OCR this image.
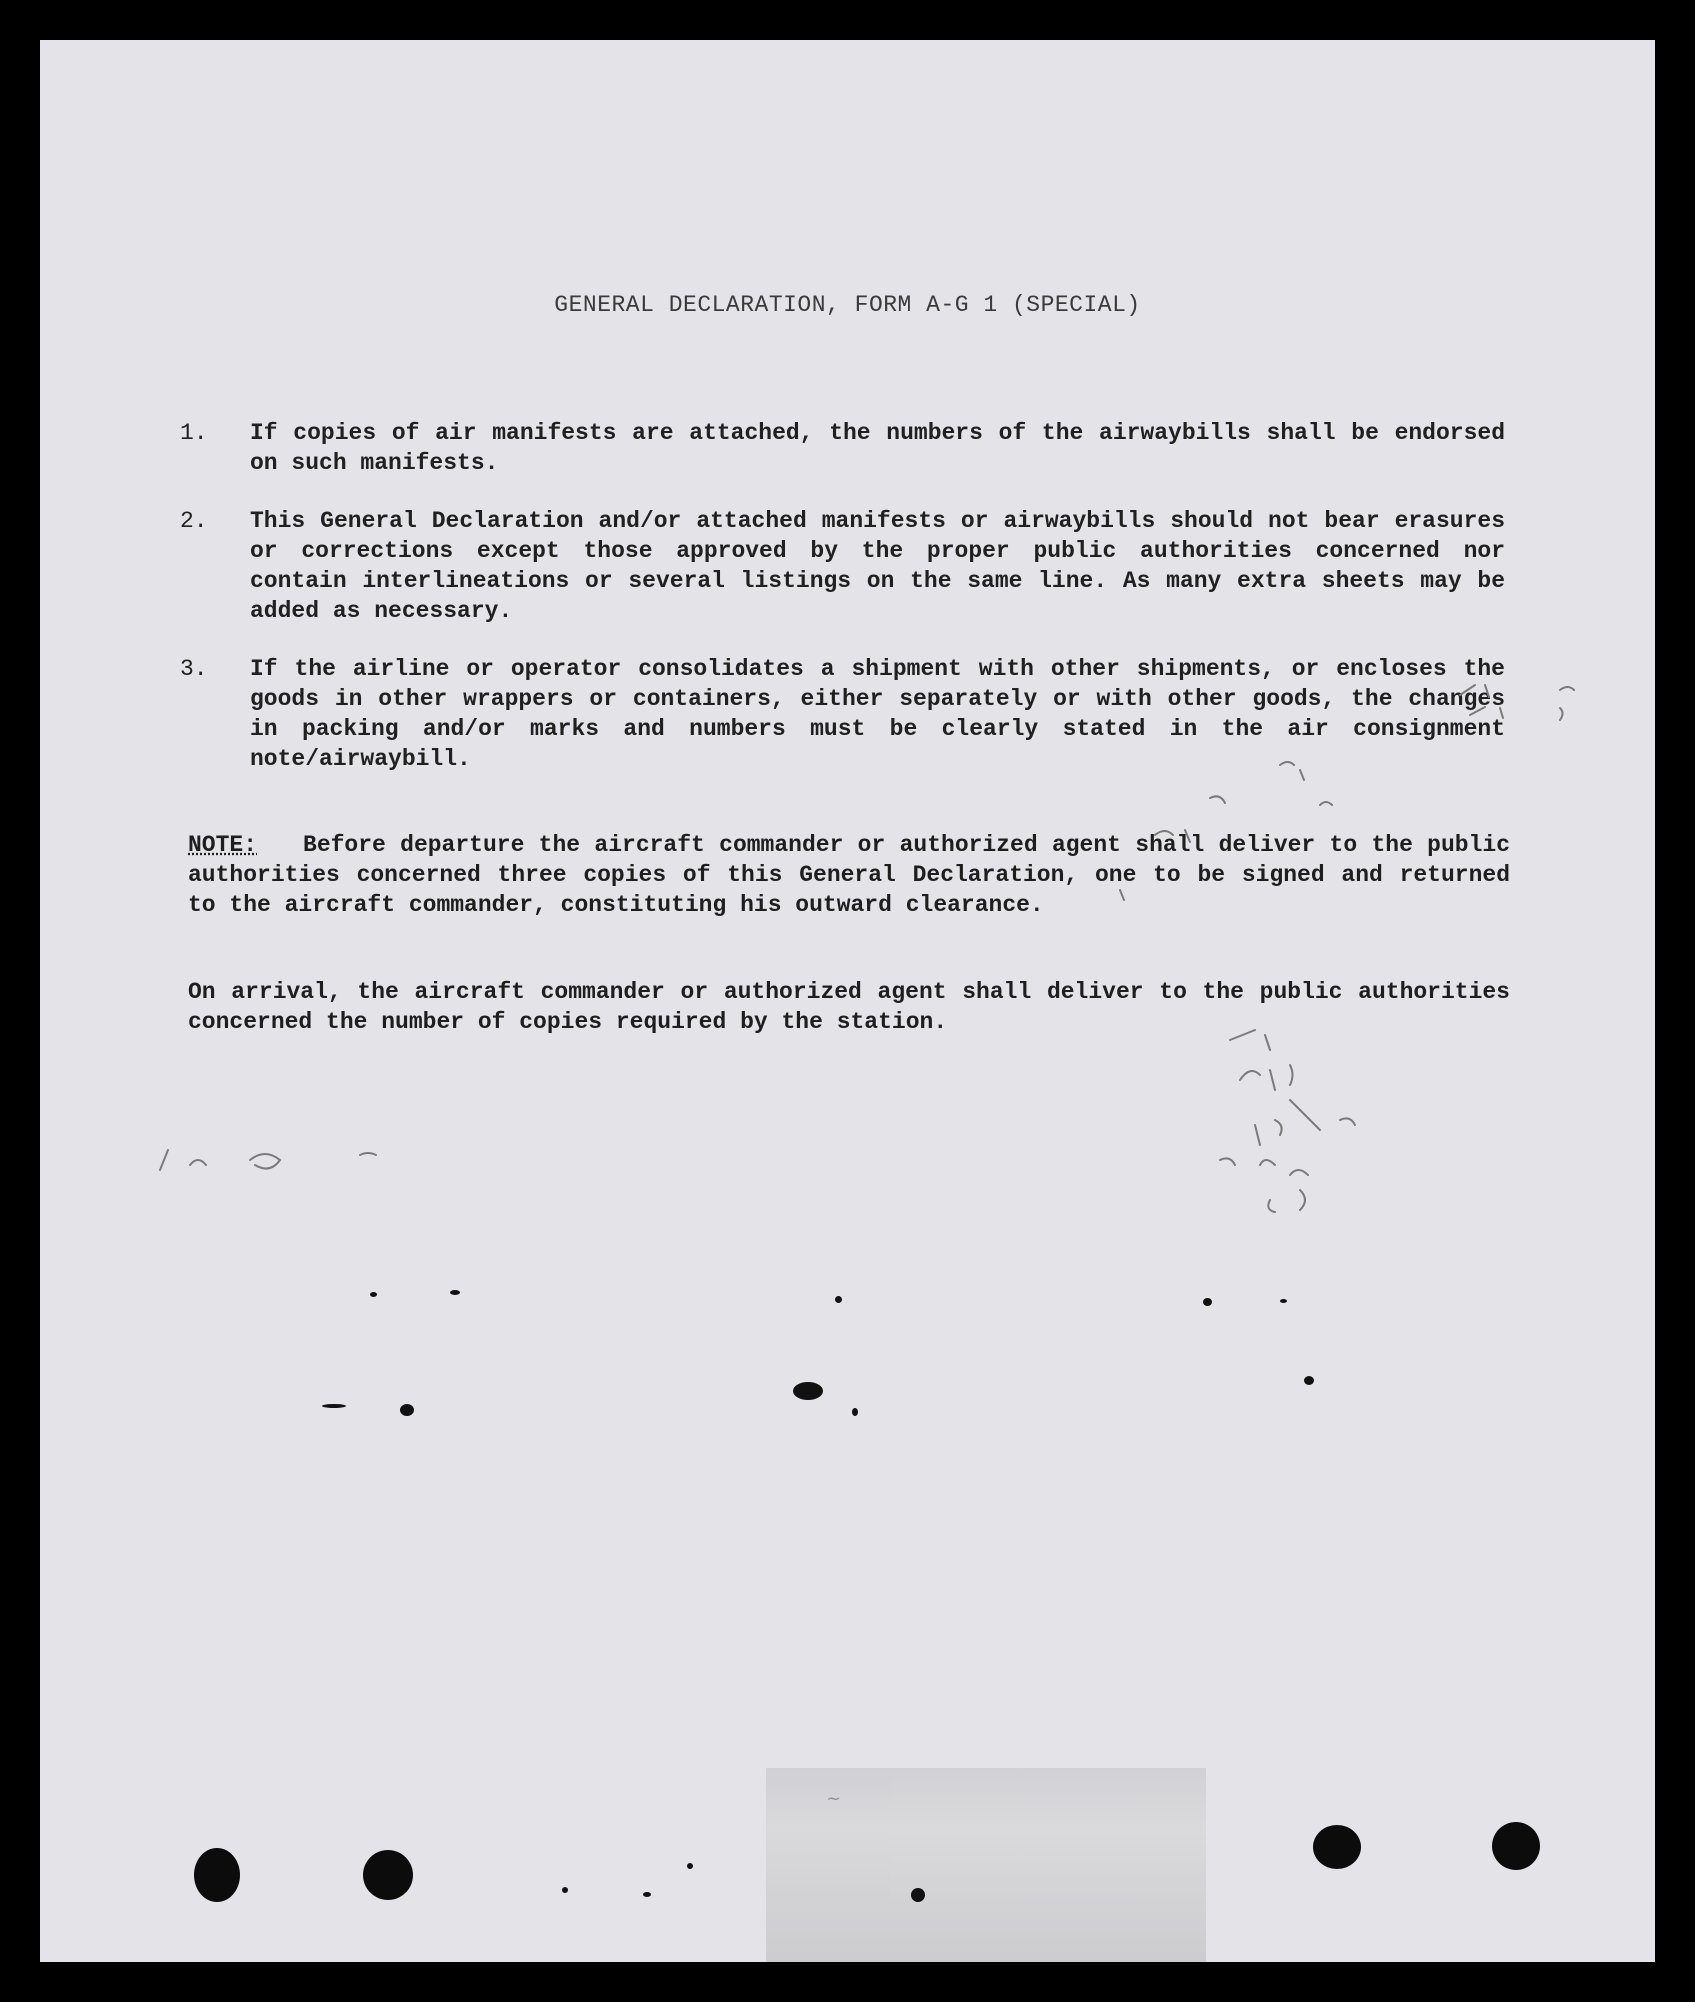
GENERAL DECLARATION, FORM A-G 1 (SPECIAL)
1.	If copies of air manifests are attached, the numbers of the airwaybills shall be endorsed on such manifests.
2.	This General Declaration and/or attached manifests or airwaybills should not bear erasures or corrections except those approved by the proper public authorities concerned nor contain interlineations or several listings on the same line. As many extra sheets may be added as necessary.
3.	If the airline or operator consolidates a shipment with other shipments, or encloses the goods in other wrappers or containers, either separately or with other goods, the changes in packing and/or marks and numbers must be clearly stated in the air consignment note/airwaybill.
NOTE: Before departure the aircraft commander or authorized agent shall deliver to the public authorities concerned three copies of this General Declaration, one to be signed and returned to the aircraft commander, constituting his outward clearance.
On arrival, the aircraft commander or authorized agent shall deliver to the public authorities concerned the number of copies required by the station.
~
